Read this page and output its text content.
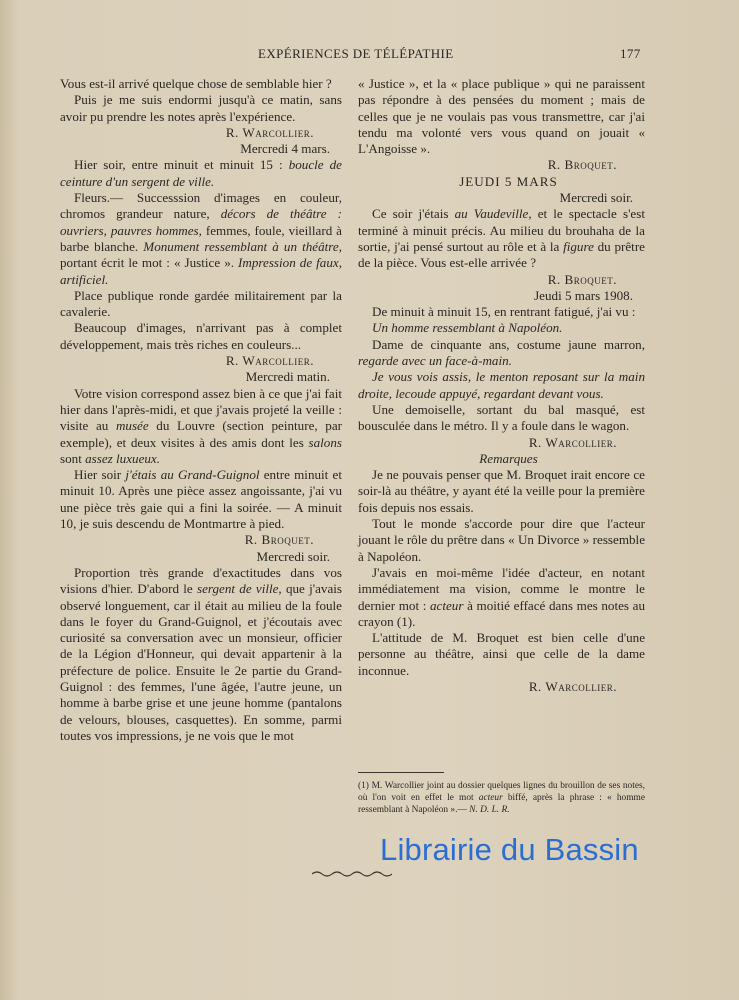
EXPÉRIENCES DE TÉLÉPATHIE	177

Vous est-il arrivé quelque chose de semblable hier ?

Puis je me suis endormi jusqu'à ce matin, sans avoir pu prendre les notes après l'expérience.

R. Warcollier.

Mercredi 4 mars.

Hier soir, entre minuit et minuit 15 : boucle de ceinture d'un sergent de ville.

Fleurs.— Successsion d'images en couleur, chromos grandeur nature, décors de théâtre : ouvriers, pauvres hommes, femmes, foule, vieillard à barbe blanche. Monument ressemblant à un théâtre, portant écrit le mot : « Justice ». Impression de faux, artificiel.

Place publique ronde gardée militairement par la cavalerie.

Beaucoup d'images, n'arrivant pas à complet développement, mais très riches en couleurs...

R. Warcollier.

Mercredi matin.

Votre vision correspond assez bien à ce que j'ai fait hier dans l'après-midi, et que j'avais projeté la veille : visite au musée du Louvre (section peinture, par exemple), et deux visites à des amis dont les salons sont assez luxueux.

Hier soir j'étais au Grand-Guignol entre minuit et minuit 10. Après une pièce assez angoissante, j'ai vu une pièce très gaie qui a fini la soirée. — A minuit 10, je suis descendu de Montmartre à pied.

R. Broquet.

Mercredi soir.

Proportion très grande d'exactitudes dans vos visions d'hier. D'abord le sergent de ville, que j'avais observé longuement, car il était au milieu de la foule dans le foyer du Grand-Guignol, et j'écoutais avec curiosité sa conversation avec un monsieur, officier de la Légion d'Honneur, qui devait appartenir à la préfecture de police. Ensuite le 2e partie du Grand-Guignol : des femmes, l'une âgée, l'autre jeune, un homme à barbe grise et une jeune homme (pantalons de velours, blouses, casquettes). En somme, parmi toutes vos impressions, je ne vois que le mot

« Justice », et la « place publique » qui ne paraissent pas répondre à des pensées du moment ; mais de celles que je ne voulais pas vous transmettre, car j'ai tendu ma volonté vers vous quand on jouait « L'Angoisse ».

R. Broquet.

JEUDI 5 MARS

Mercredi soir.

Ce soir j'étais au Vaudeville, et le spectacle s'est terminé à minuit précis. Au milieu du brouhaha de la sortie, j'ai pensé surtout au rôle et à la figure du prêtre de la pièce. Vous est-elle arrivée ?

R. Broquet.

Jeudi 5 mars 1908.

De minuit à minuit 15, en rentrant fatigué, j'ai vu :

Un homme ressemblant à Napoléon.

Dame de cinquante ans, costume jaune marron, regarde avec un face-à-main.

Je vous vois assis, le menton reposant sur la main droite, lecoude appuyé, regardant devant vous.

Une demoiselle, sortant du bal masqué, est bousculée dans le métro. Il y a foule dans le wagon.

R. Warcollier.

Remarques

Je ne pouvais penser que M. Broquet irait encore ce soir-là au théâtre, y ayant été la veille pour la première fois depuis nos essais.

Tout le monde s'accorde pour dire que l'acteur jouant le rôle du prêtre dans « Un Divorce » ressemble à Napoléon.

J'avais en moi-même l'idée d'acteur, en notant immédiatement ma vision, comme le montre le dernier mot : acteur à moitié effacé dans mes notes au crayon (1).

L'attitude de M. Broquet est bien celle d'une personne au théâtre, ainsi que celle de la dame inconnue.

R. Warcollier.

(1) M. Warcollier joint au dossier quelques lignes du brouillon de ses notes, où l'on voit en effet le mot acteur biffé, après la phrase : « homme ressemblant à Napoléon ».— N. D. L. R.
Librairie du Bassin
